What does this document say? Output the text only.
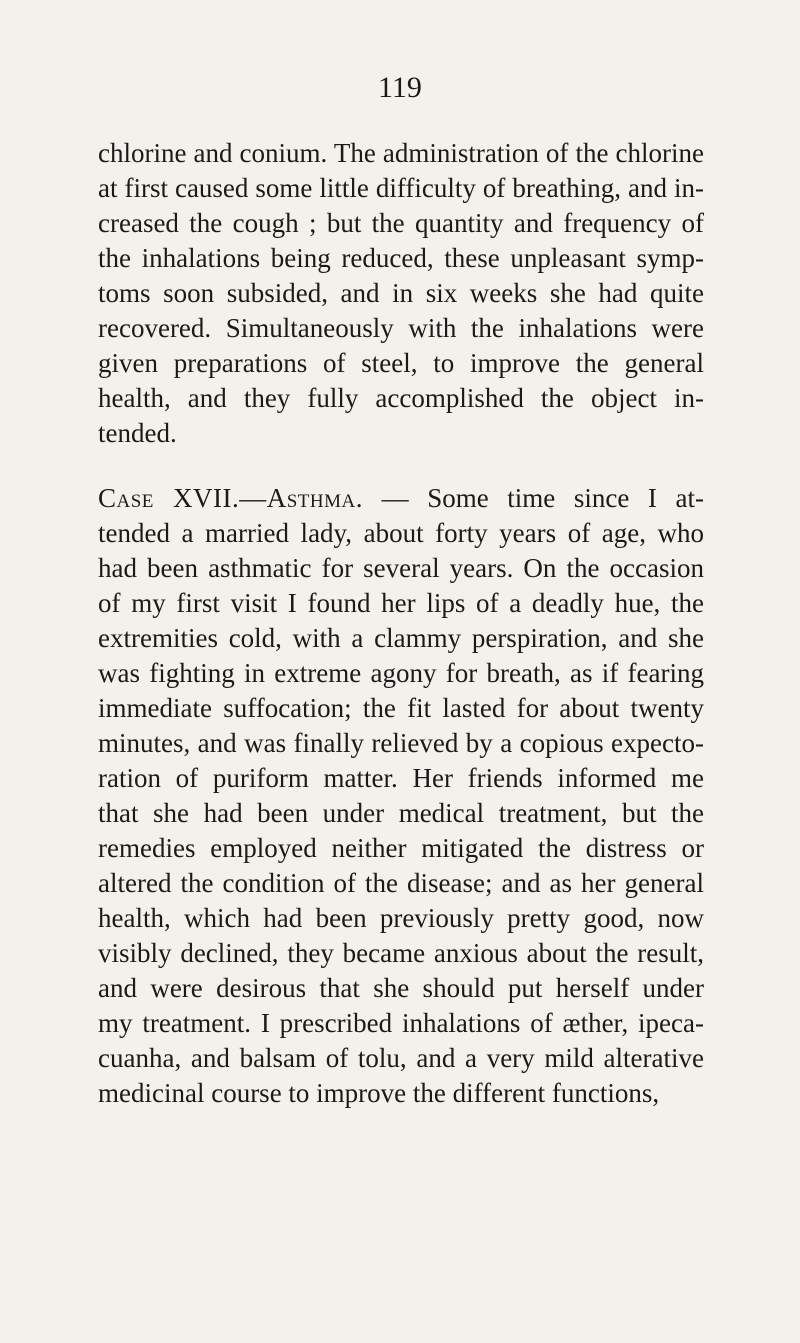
119
chlorine and conium. The administration of the chlorine
at first caused some little difficulty of breathing, and in-
creased the cough ; but the quantity and frequency of
the inhalations being reduced, these unpleasant symp-
toms soon subsided, and in six weeks she had quite
recovered. Simultaneously with the inhalations were
given preparations of steel, to improve the general
health, and they fully accomplished the object in-
tended.
Case XVII.—Asthma. — Some time since I at-
tended a married lady, about forty years of age, who
had been asthmatic for several years. On the occasion
of my first visit I found her lips of a deadly hue, the
extremities cold, with a clammy perspiration, and she
was fighting in extreme agony for breath, as if fearing
immediate suffocation; the fit lasted for about twenty
minutes, and was finally relieved by a copious expecto-
ration of puriform matter. Her friends informed me
that she had been under medical treatment, but the
remedies employed neither mitigated the distress or
altered the condition of the disease; and as her general
health, which had been previously pretty good, now
visibly declined, they became anxious about the result,
and were desirous that she should put herself under
my treatment. I prescribed inhalations of æther, ipeca-
cuanha, and balsam of tolu, and a very mild alterative
medicinal course to improve the different functions,
